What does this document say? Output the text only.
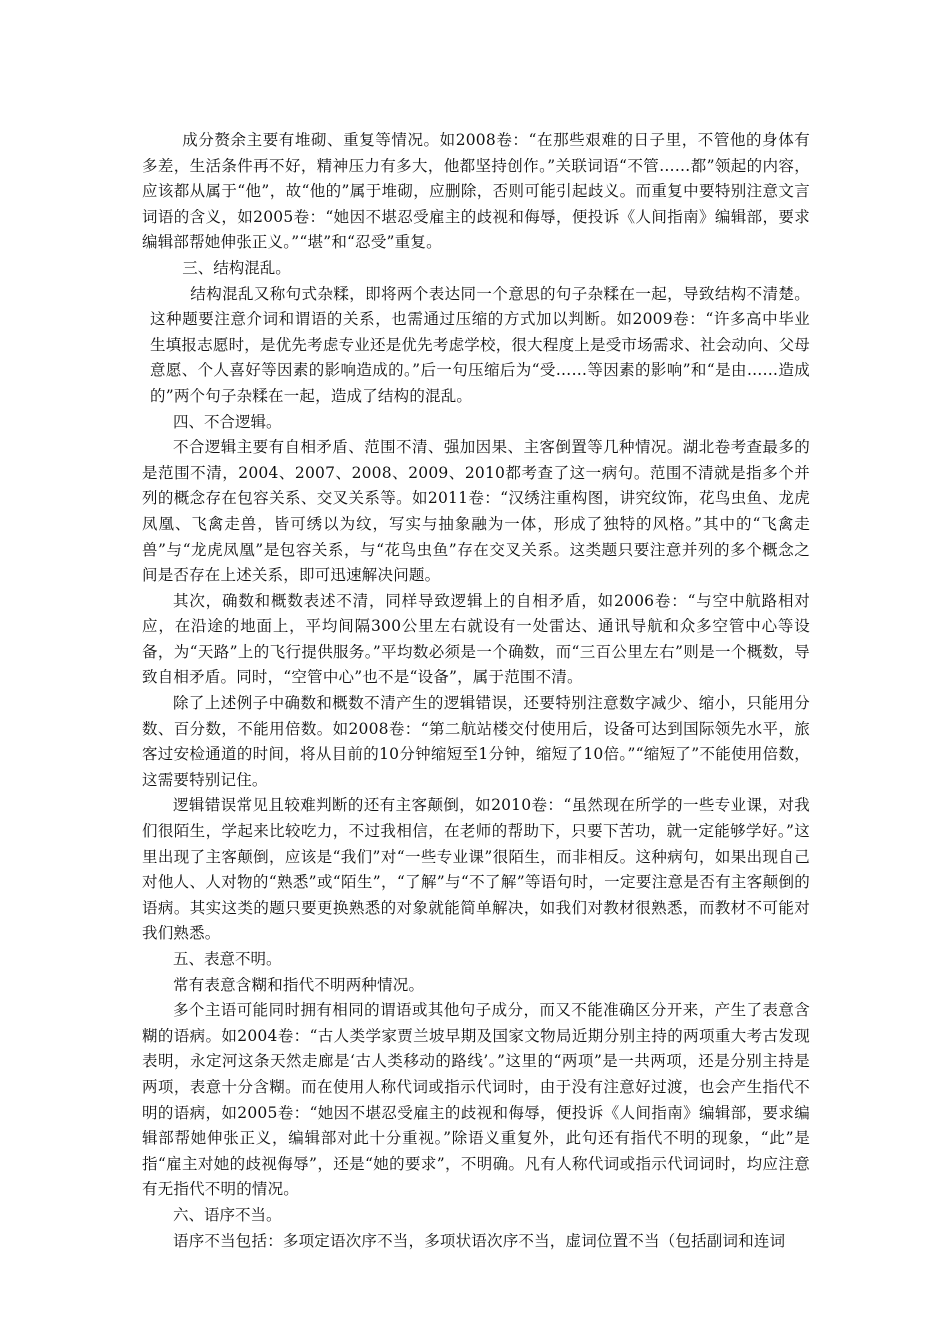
成分赘余主要有堆砌、重复等情况。如2008卷：“在那些艰难的日子里，不管他的身体有多差，生活条件再不好，精神压力有多大，他都坚持创作。”关联词语“不管……都”领起的内容，应该都从属于“他”，故“他的”属于堆砌，应删除，否则可能引起歧义。而重复中要特别注意文言词语的含义，如2005卷：“她因不堪忍受雇主的歧视和侮辱，便投诉《人间指南》编辑部，要求编辑部帮她伸张正义。”“堪”和“忍受”重复。

三、结构混乱。

结构混乱又称句式杂糅，即将两个表达同一个意思的句子杂糅在一起，导致结构不清楚。这种题要注意介词和谓语的关系，也需通过压缩的方式加以判断。如2009卷：“许多高中毕业生填报志愿时，是优先考虑专业还是优先考虑学校，很大程度上是受市场需求、社会动向、父母意愿、个人喜好等因素的影响造成的。”后一句压缩后为“受……等因素的影响”和“是由……造成的”两个句子杂糅在一起，造成了结构的混乱。

四、不合逻辑。

不合逻辑主要有自相矛盾、范围不清、强加因果、主客倒置等几种情况。湖北卷考查最多的是范围不清，2004、2007、2008、2009、2010都考查了这一病句。范围不清就是指多个并列的概念存在包容关系、交叉关系等。如2011卷：“汉绣注重构图，讲究纹饰，花鸟虫鱼、龙虎凤凰、飞禽走兽，皆可绣以为纹，写实与抽象融为一体，形成了独特的风格。”其中的“飞禽走兽”与“龙虎凤凰”是包容关系，与“花鸟虫鱼”存在交叉关系。这类题只要注意并列的多个概念之间是否存在上述关系，即可迅速解决问题。

其次，确数和概数表述不清，同样导致逻辑上的自相矛盾，如2006卷：“与空中航路相对应，在沿途的地面上，平均间隔300公里左右就设有一处雷达、通讯导航和众多空管中心等设备，为“天路”上的飞行提供服务。”平均数必须是一个确数，而“三百公里左右”则是一个概数，导致自相矛盾。同时，“空管中心”也不是“设备”，属于范围不清。

除了上述例子中确数和概数不清产生的逻辑错误，还要特别注意数字减少、缩小，只能用分数、百分数，不能用倍数。如2008卷：“第二航站楼交付使用后，设备可达到国际领先水平，旅客过安检通道的时间，将从目前的10分钟缩短至1分钟，缩短了10倍。”“缩短了”不能使用倍数，这需要特别记住。

逻辑错误常见且较难判断的还有主客颠倒，如2010卷：“虽然现在所学的一些专业课，对我们很陌生，学起来比较吃力，不过我相信，在老师的帮助下，只要下苦功，就一定能够学好。”这里出现了主客颠倒，应该是“我们”对“一些专业课”很陌生，而非相反。这种病句，如果出现自己对他人、人对物的“熟悉”或“陌生”，“了解”与“不了解”等语句时，一定要注意是否有主客颠倒的语病。其实这类的题只要更换熟悉的对象就能简单解决，如我们对教材很熟悉，而教材不可能对我们熟悉。

五、表意不明。

常有表意含糊和指代不明两种情况。

多个主语可能同时拥有相同的谓语或其他句子成分，而又不能准确区分开来，产生了表意含糊的语病。如2004卷：“古人类学家贾兰坡早期及国家文物局近期分别主持的两项重大考古发现表明，永定河这条天然走廊是‘古人类移动的路线’。”这里的“两项”是一共两项，还是分别主持是两项，表意十分含糊。而在使用人称代词或指示代词时，由于没有注意好过渡，也会产生指代不明的语病，如2005卷：“她因不堪忍受雇主的歧视和侮辱，便投诉《人间指南》编辑部，要求编辑部帮她伸张正义，编辑部对此十分重视。”除语义重复外，此句还有指代不明的现象，“此”是指“雇主对她的歧视侮辱”，还是“她的要求”，不明确。凡有人称代词或指示代词词时，均应注意有无指代不明的情况。

六、语序不当。

语序不当包括：多项定语次序不当，多项状语次序不当，虚词位置不当（包括副词和连词
